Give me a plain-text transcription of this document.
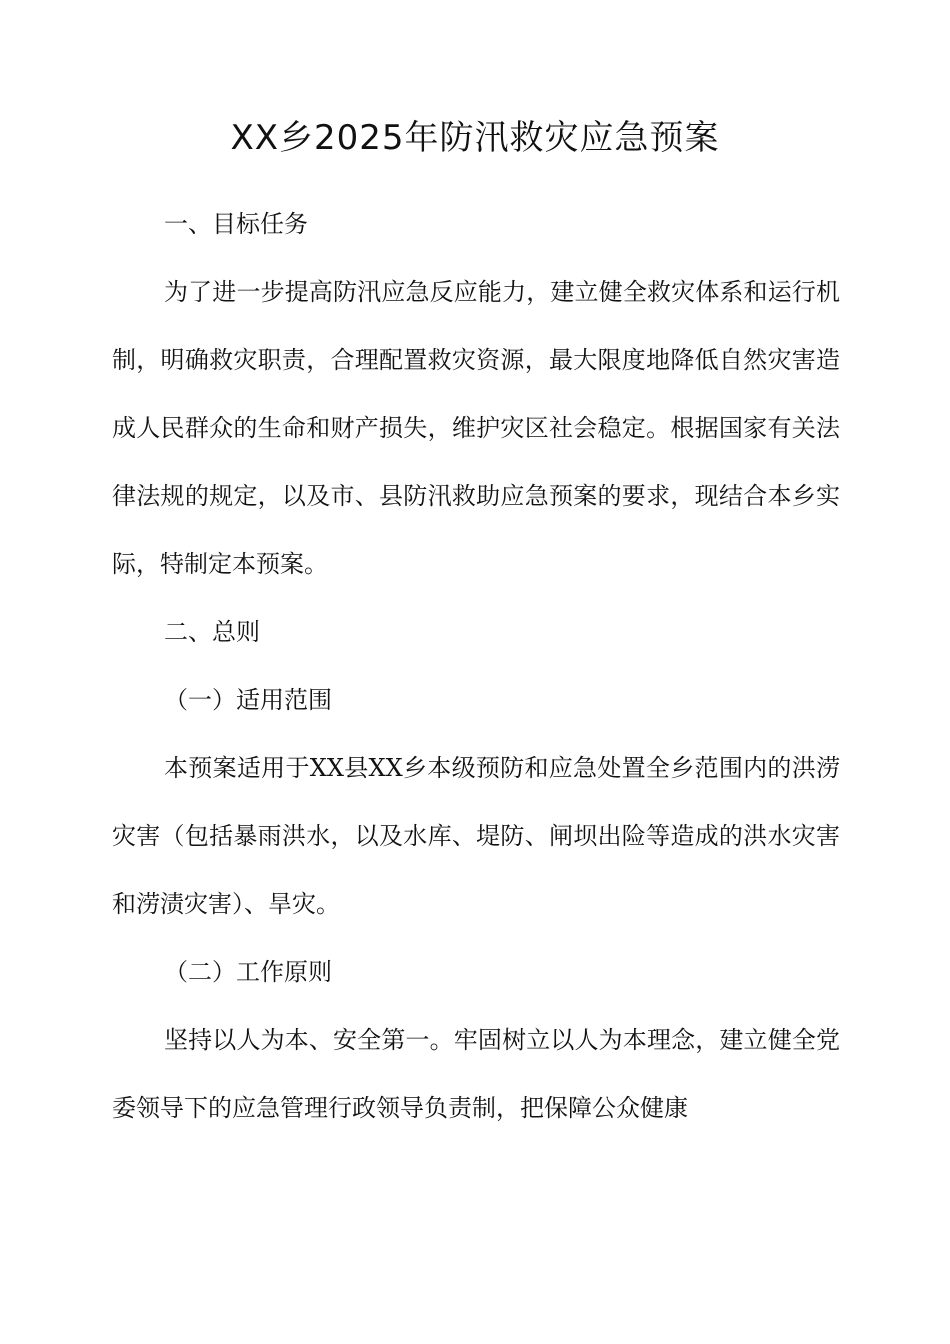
XX乡2025年防汛救灾应急预案

一、目标任务

为了进一步提高防汛应急反应能力，建立健全救灾体系和运行机制，明确救灾职责，合理配置救灾资源，最大限度地降低自然灾害造成人民群众的生命和财产损失，维护灾区社会稳定。根据国家有关法律法规的规定，以及市、县防汛救助应急预案的要求，现结合本乡实际，特制定本预案。

二、总则

（一）适用范围

本预案适用于XX县XX乡本级预防和应急处置全乡范围内的洪涝灾害（包括暴雨洪水，以及水库、堤防、闸坝出险等造成的洪水灾害和涝渍灾害）、旱灾。

（二）工作原则

坚持以人为本、安全第一。牢固树立以人为本理念，建立健全党委领导下的应急管理行政领导负责制，把保障公众健康
